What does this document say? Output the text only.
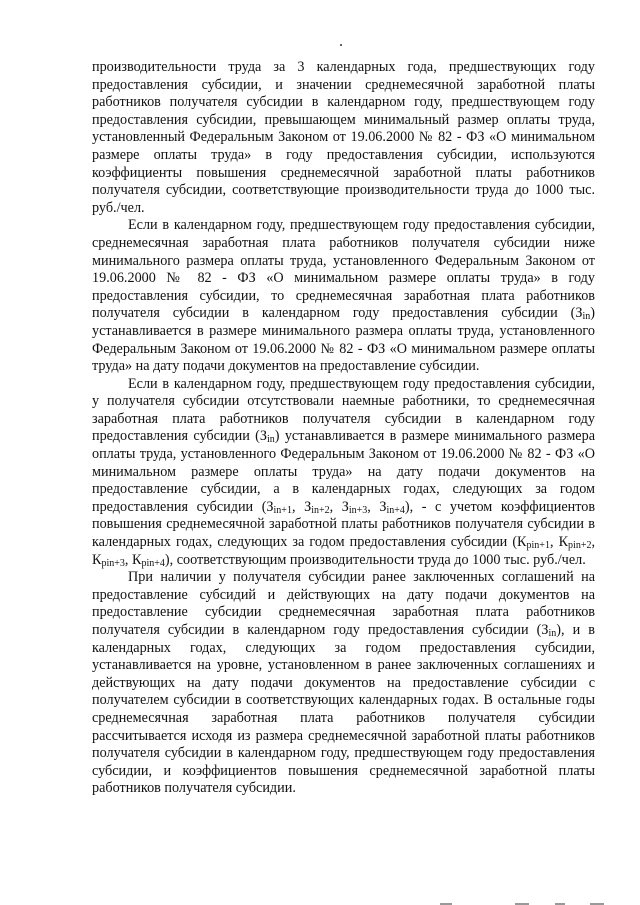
производительности труда за 3 календарных года, предшествующих году предоставления субсидии, и значении среднемесячной заработной платы работников получателя субсидии в календарном году, предшествующем году предоставления субсидии, превышающем минимальный размер оплаты труда, установленный Федеральным Законом от 19.06.2000 № 82 - ФЗ «О минимальном размере оплаты труда» в году предоставления субсидии, используются коэффициенты повышения среднемесячной заработной платы работников получателя субсидии, соответствующие производительности труда до 1000 тыс. руб./чел.

Если в календарном году, предшествующем году предоставления субсидии, среднемесячная заработная плата работников получателя субсидии ниже минимального размера оплаты труда, установленного Федеральным Законом от 19.06.2000 № 82 - ФЗ «О минимальном размере оплаты труда» в году предоставления субсидии, то среднемесячная заработная плата работников получателя субсидии в календарном году предоставления субсидии $(З_{in})$ устанавливается в размере минимального размера оплаты труда, установленного Федеральным Законом от 19.06.2000 № 82 - ФЗ «О минимальном размере оплаты труда» на дату подачи документов на предоставление субсидии.

Если в календарном году, предшествующем году предоставления субсидии, у получателя субсидии отсутствовали наемные работники, то среднемесячная заработная плата работников получателя субсидии в календарном году предоставления субсидии $(З_{in})$ устанавливается в размере минимального размера оплаты труда, установленного Федеральным Законом от 19.06.2000 № 82 - ФЗ «О минимальном размере оплаты труда» на дату подачи документов на предоставление субсидии, а в календарных годах, следующих за годом предоставления субсидии ($З_{in+1}$, $З_{in+2}$, $З_{in+3}$, $З_{in+4}$), - с учетом коэффициентов повышения среднемесячной заработной платы работников получателя субсидии в календарных годах, следующих за годом предоставления субсидии ($К_{pin+1}$, $К_{pin+2}$, $К_{pin+3}$, $К_{pin+4}$), соответствующим производительности труда до 1000 тыс. руб./чел.

При наличии у получателя субсидии ранее заключенных соглашений на предоставление субсидий и действующих на дату подачи документов на предоставление субсидии среднемесячная заработная плата работников получателя субсидии в календарном году предоставления субсидии $(З_{in})$, и в календарных годах, следующих за годом предоставления субсидии, устанавливается на уровне, установленном в ранее заключенных соглашениях и действующих на дату подачи документов на предоставление субсидии с получателем субсидии в соответствующих календарных годах. В остальные годы среднемесячная заработная плата работников получателя субсидии рассчитывается исходя из размера среднемесячной заработной платы работников получателя субсидии в календарном году, предшествующем году предоставления субсидии, и коэффициентов повышения среднемесячной заработной платы работников получателя субсидии.
